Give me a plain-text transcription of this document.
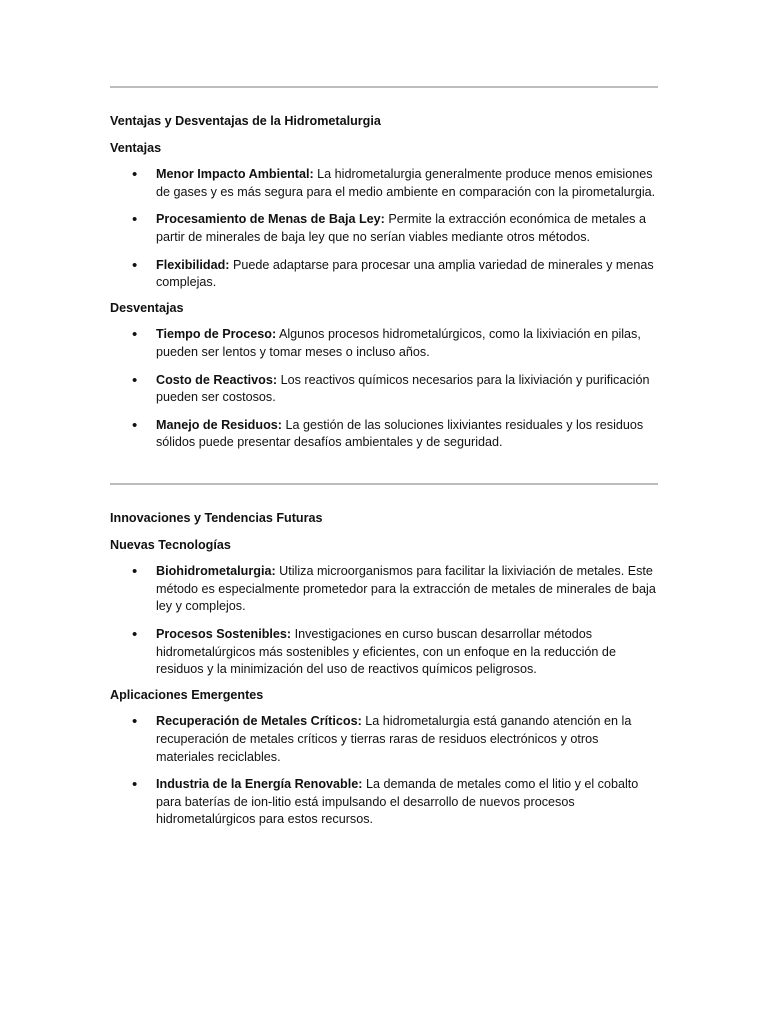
Ventajas y Desventajas de la Hidrometalurgia

Ventajas

• Menor Impacto Ambiental: La hidrometalurgia generalmente produce menos emisiones de gases y es más segura para el medio ambiente en comparación con la pirometalurgia.
• Procesamiento de Menas de Baja Ley: Permite la extracción económica de metales a partir de minerales de baja ley que no serían viables mediante otros métodos.
• Flexibilidad: Puede adaptarse para procesar una amplia variedad de minerales y menas complejas.

Desventajas

• Tiempo de Proceso: Algunos procesos hidrometalúrgicos, como la lixiviación en pilas, pueden ser lentos y tomar meses o incluso años.
• Costo de Reactivos: Los reactivos químicos necesarios para la lixiviación y purificación pueden ser costosos.
• Manejo de Residuos: La gestión de las soluciones lixiviantes residuales y los residuos sólidos puede presentar desafíos ambientales y de seguridad.

Innovaciones y Tendencias Futuras

Nuevas Tecnologías

• Biohidrometalurgia: Utiliza microorganismos para facilitar la lixiviación de metales. Este método es especialmente prometedor para la extracción de metales de minerales de baja ley y complejos.
• Procesos Sostenibles: Investigaciones en curso buscan desarrollar métodos hidrometalúrgicos más sostenibles y eficientes, con un enfoque en la reducción de residuos y la minimización del uso de reactivos químicos peligrosos.

Aplicaciones Emergentes

• Recuperación de Metales Críticos: La hidrometalurgia está ganando atención en la recuperación de metales críticos y tierras raras de residuos electrónicos y otros materiales reciclables.
• Industria de la Energía Renovable: La demanda de metales como el litio y el cobalto para baterías de ion-litio está impulsando el desarrollo de nuevos procesos hidrometalúrgicos para estos recursos.
